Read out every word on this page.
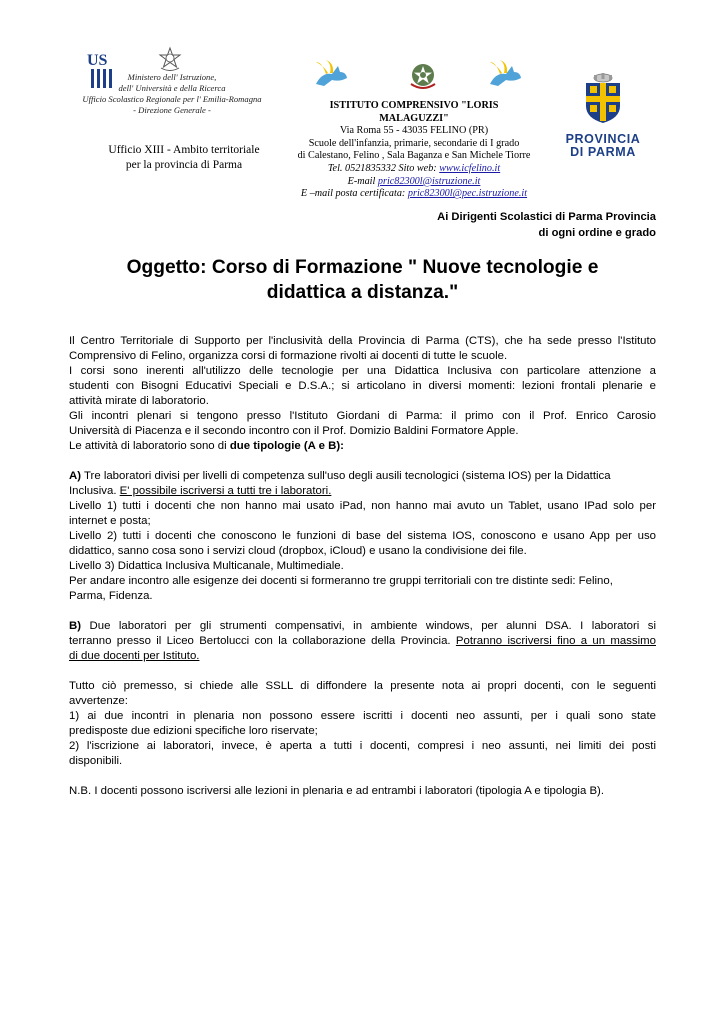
US
Ministero dell' Istruzione,
dell' Università e della Ricerca
Ufficio Scolastico Regionale per l' Emilia-Romagna
- Direzione Generale -
Ufficio XIII - Ambito territoriale
per la provincia di Parma
ISTITUTO COMPRENSIVO "LORIS MALAGUZZI"
Via Roma 55 - 43035 FELINO (PR)
Scuole dell'infanzia, primarie, secondarie di I grado
di Calestano, Felino , Sala Baganza e San Michele Tiorre
Tel. 0521835332 Sito web: www.icfelino.it
E-mail pric82300l@istruzione.it
E –mail posta certificata: pric82300l@pec.istruzione.it
PROVINCIA
DI PARMA
Ai Dirigenti Scolastici di Parma Provincia
di ogni ordine e grado
Oggetto: Corso di Formazione " Nuove tecnologie e
didattica a distanza."

Il Centro Territoriale di Supporto per l'inclusività della Provincia di Parma (CTS), che ha sede presso l'Istituto

Comprensivo di Felino, organizza corsi di formazione rivolti ai docenti di tutte le scuole.

I corsi sono inerenti all'utilizzo delle tecnologie per una Didattica Inclusiva con particolare attenzione a

studenti con Bisogni Educativi Speciali e D.S.A.; si articolano in diversi momenti: lezioni frontali plenarie e

attività mirate di laboratorio.

Gli incontri plenari si tengono presso l'Istituto Giordani di Parma: il primo con il Prof. Enrico Carosio

Università di Piacenza e il secondo incontro con il Prof. Domizio Baldini Formatore Apple.

Le attività di laboratorio sono di due tipologie (A e B):

A) Tre laboratori divisi per livelli di competenza sull'uso degli ausili tecnologici (sistema IOS) per la Didattica

Inclusiva. E' possibile iscriversi a tutti tre i laboratori.

Livello 1) tutti i docenti che non hanno mai usato iPad, non hanno mai avuto un Tablet, usano IPad solo per

internet e posta;

Livello 2) tutti i docenti che conoscono le funzioni di base del sistema IOS, conoscono e usano App per uso

didattico, sanno cosa sono i servizi cloud (dropbox, iCloud) e usano la condivisione dei file.

Livello 3) Didattica Inclusiva Multicanale, Multimediale.

Per andare incontro alle esigenze dei docenti si formeranno tre gruppi territoriali con tre distinte sedi: Felino,

Parma, Fidenza.

B) Due laboratori per gli strumenti compensativi, in ambiente windows, per alunni DSA. I laboratori si

terranno presso il Liceo Bertolucci con la collaborazione della Provincia. Potranno iscriversi fino a un massimo

di due docenti per Istituto.

Tutto ciò premesso, si chiede alle SSLL di diffondere la presente nota ai propri docenti, con le seguenti

avvertenze:

1) ai due incontri in plenaria non possono essere iscritti i docenti neo assunti, per i quali sono state

predisposte due edizioni specifiche loro riservate;

2) l'iscrizione ai laboratori, invece, è aperta a tutti i docenti, compresi i neo assunti, nei limiti dei posti

disponibili.

N.B. I docenti possono iscriversi alle lezioni in plenaria e ad entrambi i laboratori (tipologia A e tipologia B).
